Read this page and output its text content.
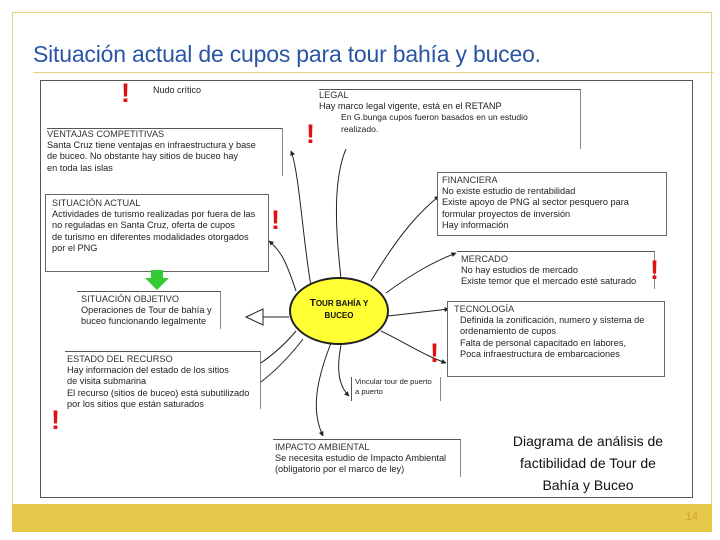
Situación actual de cupos para tour bahía y buceo.
!	Nudo crítico	LEGAL
Hay marco legal vigente, está en el RETANP
En G.bunga cupos fueron basados en un estudio
realizado.
!
VENTAJAS COMPETITIVAS
Santa Cruz tiene ventajas en infraestructura y base
de buceo. No obstante hay sitios de buceo hay
en toda las islas
SITUACIÓN ACTUAL
Actividades de turismo realizadas por fuera de las
no reguladas en Santa Cruz, oferta de cupos
de turismo en diferentes modalidades otorgados
por el PNG
!
FINANCIERA
No existe estudio de rentabilidad
Existe apoyo de PNG al sector pesquero para
formular proyectos de inversión
Hay información
MERCADO
No hay estudios de mercado
Existe temor que el mercado esté saturado !
SITUACIÓN OBJETIVO
Operaciones de Tour de bahía y
buceo funcionando legalmente
TOUR BAHÍA Y
BUCEO
TECNOLOGÍA
Definida la zonificación, numero y sistema de
ordenamiento de cupos
Falta de personal capacitado en labores,
Poca infraestructura de embarcaciones
!
ESTADO DEL RECURSO
Hay información del estado de los sitios
de visita submarina
El recurso (sitios de buceo) está subutilizado
por los sitios que están saturados
!
Vincular tour de puerto
a puerto
IMPACTO AMBIENTAL
Se necesita estudio de Impacto Ambiental
(obligatorio por el marco de ley)
Diagrama de análisis de
factibilidad de Tour de
Bahía y Buceo
14
